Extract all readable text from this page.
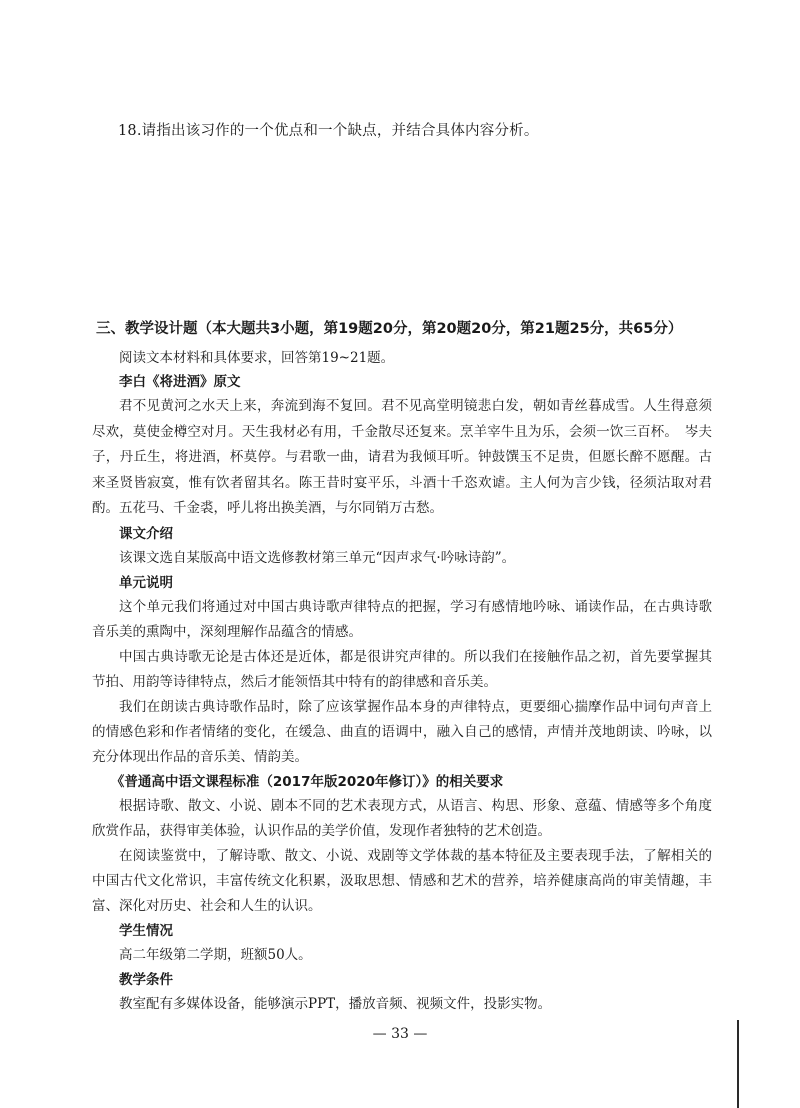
18.请指出该习作的一个优点和一个缺点，并结合具体内容分析。
三、教学设计题（本大题共3小题，第19题20分，第20题20分，第21题25分，共65分）

阅读文本材料和具体要求，回答第19~21题。

李白《将进酒》原文

君不见黄河之水天上来，奔流到海不复回。君不见高堂明镜悲白发，朝如青丝暮成雪。人生得意须尽欢，莫使金樽空对月。天生我材必有用，千金散尽还复来。烹羊宰牛且为乐，会须一饮三百杯。　岑夫子，丹丘生，将进酒，杯莫停。与君歌一曲，请君为我倾耳听。钟鼓馔玉不足贵，但愿长醉不愿醒。古来圣贤皆寂寞，惟有饮者留其名。陈王昔时宴平乐，斗酒十千恣欢谑。主人何为言少钱，径须沽取对君酌。五花马、千金裘，呼儿将出换美酒，与尔同销万古愁。

课文介绍

该课文选自某版高中语文选修教材第三单元“因声求气·吟咏诗韵”。

单元说明

这个单元我们将通过对中国古典诗歌声律特点的把握，学习有感情地吟咏、诵读作品，在古典诗歌音乐美的熏陶中，深刻理解作品蕴含的情感。

中国古典诗歌无论是古体还是近体，都是很讲究声律的。所以我们在接触作品之初，首先要掌握其节拍、用韵等诗律特点，然后才能领悟其中特有的韵律感和音乐美。

我们在朗读古典诗歌作品时，除了应该掌握作品本身的声律特点，更要细心揣摩作品中词句声音上的情感色彩和作者情绪的变化，在缓急、曲直的语调中，融入自己的感情，声情并茂地朗读、吟咏，以充分体现出作品的音乐美、情韵美。

《普通高中语文课程标准（2017年版2020年修订）》的相关要求

根据诗歌、散文、小说、剧本不同的艺术表现方式，从语言、构思、形象、意蕴、情感等多个角度欣赏作品，获得审美体验，认识作品的美学价值，发现作者独特的艺术创造。

在阅读鉴赏中，了解诗歌、散文、小说、戏剧等文学体裁的基本特征及主要表现手法，了解相关的中国古代文化常识，丰富传统文化积累，汲取思想、情感和艺术的营养，培养健康高尚的审美情趣，丰富、深化对历史、社会和人生的认识。

学生情况

高二年级第二学期，班额50人。

教学条件

教室配有多媒体设备，能够演示PPT，播放音频、视频文件，投影实物。

— 33 —
